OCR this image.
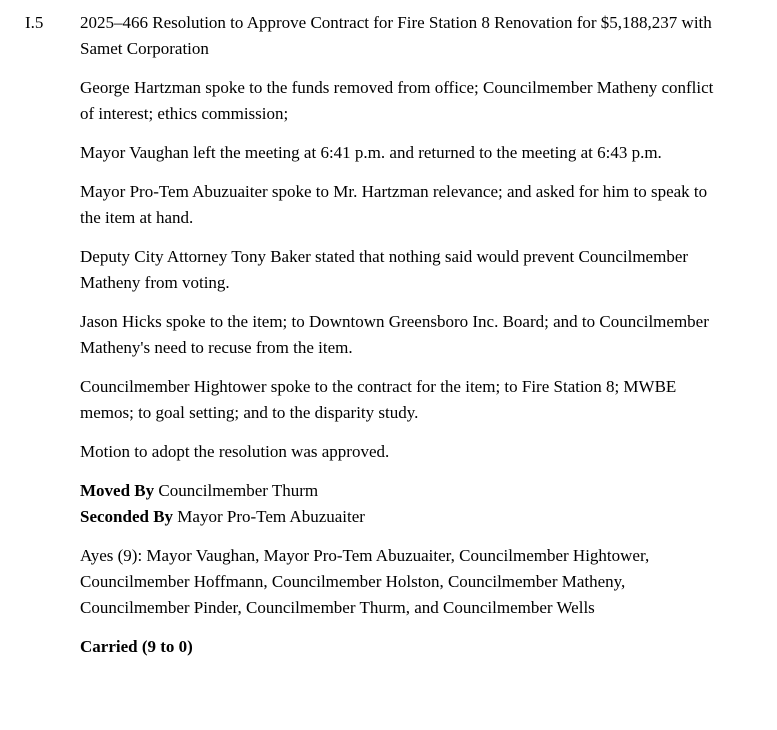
I.5	2025–466 Resolution to Approve Contract for Fire Station 8 Renovation for $5,188,237 with Samet Corporation

George Hartzman spoke to the funds removed from office; Councilmember Matheny conflict of interest; ethics commission;

Mayor Vaughan left the meeting at 6:41 p.m. and returned to the meeting at 6:43 p.m.

Mayor Pro-Tem Abuzuaiter spoke to Mr. Hartzman relevance; and asked for him to speak to the item at hand.

Deputy City Attorney Tony Baker stated that nothing said would prevent Councilmember Matheny from voting.

Jason Hicks spoke to the item; to Downtown Greensboro Inc. Board; and to Councilmember Matheny's need to recuse from the item.

Councilmember Hightower spoke to the contract for the item; to Fire Station 8; MWBE memos; to goal setting; and to the disparity study.

Motion to adopt the resolution was approved.

Moved By Councilmember Thurm

Seconded By Mayor Pro-Tem Abuzuaiter

Ayes (9): Mayor Vaughan, Mayor Pro-Tem Abuzuaiter, Councilmember Hightower, Councilmember Hoffmann, Councilmember Holston, Councilmember Matheny, Councilmember Pinder, Councilmember Thurm, and Councilmember Wells

Carried (9 to 0)
